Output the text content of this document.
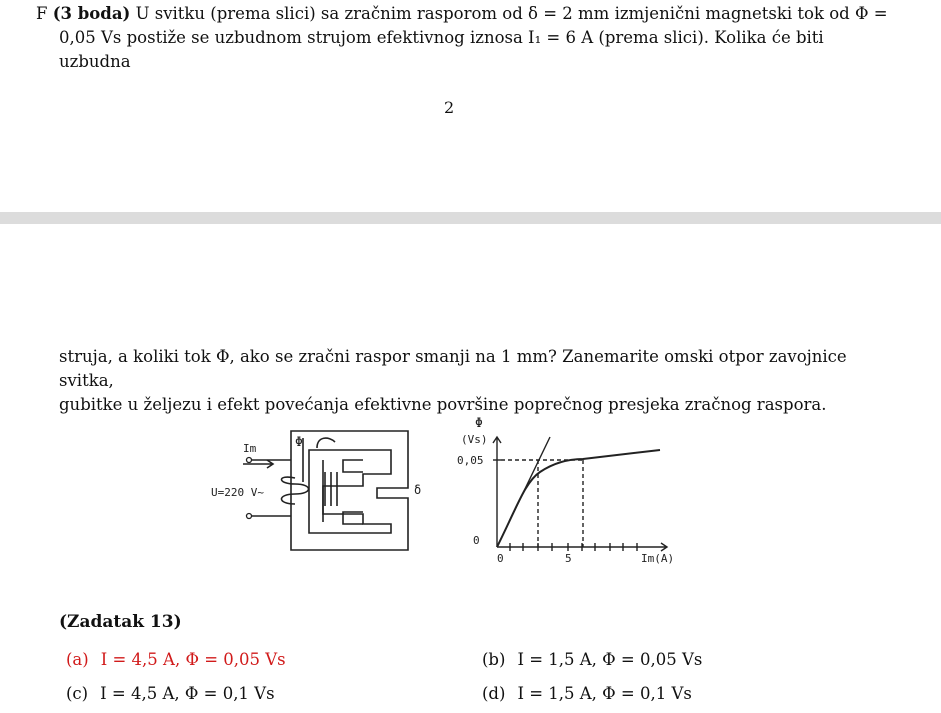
F (3 boda) U svitku (prema slici) sa zračnim rasporom od δ = 2 mm izmjenični magnetski tok od Φ =
0,05 Vs postiže se uzbudnom strujom efektivnog iznosa I₁ = 6 A (prema slici). Kolika će biti uzbudna

2

struja, a koliki tok Φ, ako se zračni raspor smanji na 1 mm? Zanemarite omski otpor zavojnice svitka,
gubitke u željezu i efekt povećanja efektivne površine poprečnog presjeka zračnog raspora.

Im	Φ
U=220 V~	δ
Φ
(Vs)
0,05
0
0	5	Im(A)
(Zadatak 13)
(a) I = 4,5 A, Φ = 0,05 Vs	(b) I = 1,5 A, Φ = 0,05 Vs
(c) I = 4,5 A, Φ = 0,1 Vs	(d) I = 1,5 A, Φ = 0,1 Vs
